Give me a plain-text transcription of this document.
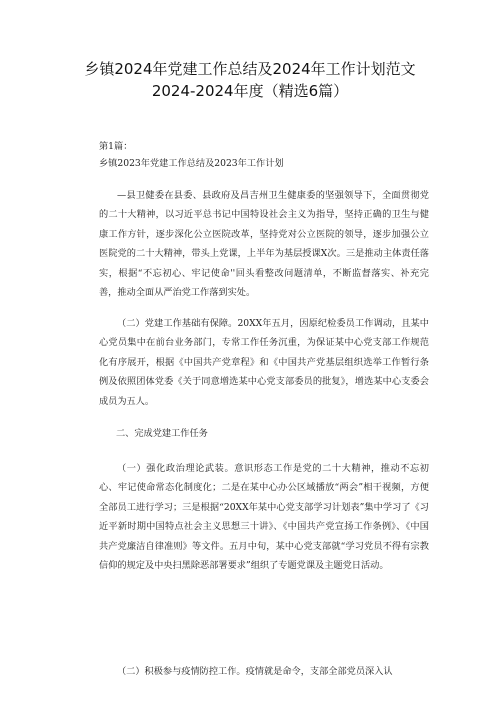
乡镇2024年党建工作总结及2024年工作计划范文
2024-2024年度（精选6篇）
第1篇：
乡镇2023年党建工作总结及2023年工作计划

—县卫健委在县委、县政府及昌吉州卫生健康委的坚强领导下，全面贯彻党的二十大精神，以习近平总书记中国特设社会主义为指导，坚持正确的卫生与健康工作方针，逐步深化公立医院改革，坚持党对公立医院的领导，逐步加强公立医院党的二十大精神，带头上党课，上半年为基层授课X次。三是推动主体责任落实，根据“不忘初心、牢记使命''回头看整改问题清单，不断监督落实、补充完善，推动全面从严治党工作落到实处。

（二）党建工作基础有保障。20XX年五月，因原纪检委员工作调动，且某中心党员集中在前台业务部门，专常工作任务沉重，为保证某中心党支部工作规范化有序展开，根据《中国共产党章程》和《中国共产党基层组织选举工作暂行条例及依照团体党委《关于同意增选某中心党支部委员的批复》，增选某中心支委会成员为五人。

二、完成党建工作任务

（一）强化政治理论武装。意识形态工作是党的二十大精神，推动不忘初心、牢记使命常态化制度化；二是在某中心办公区域播放“两会”相干视频，方便全部员工进行学习；三是根据“20XX年某中心党支部学习计划表”集中学习了《习近平新时期中国特点社会主义思想三十讲》、《中国共产党宣扬工作条例》、《中国共产党廉洁自律准则》等文件。五月中旬，某中心党支部就“学习党员不得有宗教信仰的规定及中央扫黑除恶部署要求”组织了专题党课及主题党日活动。

（二）积极参与疫情防控工作。疫情就是命令，支部全部党员深入认
